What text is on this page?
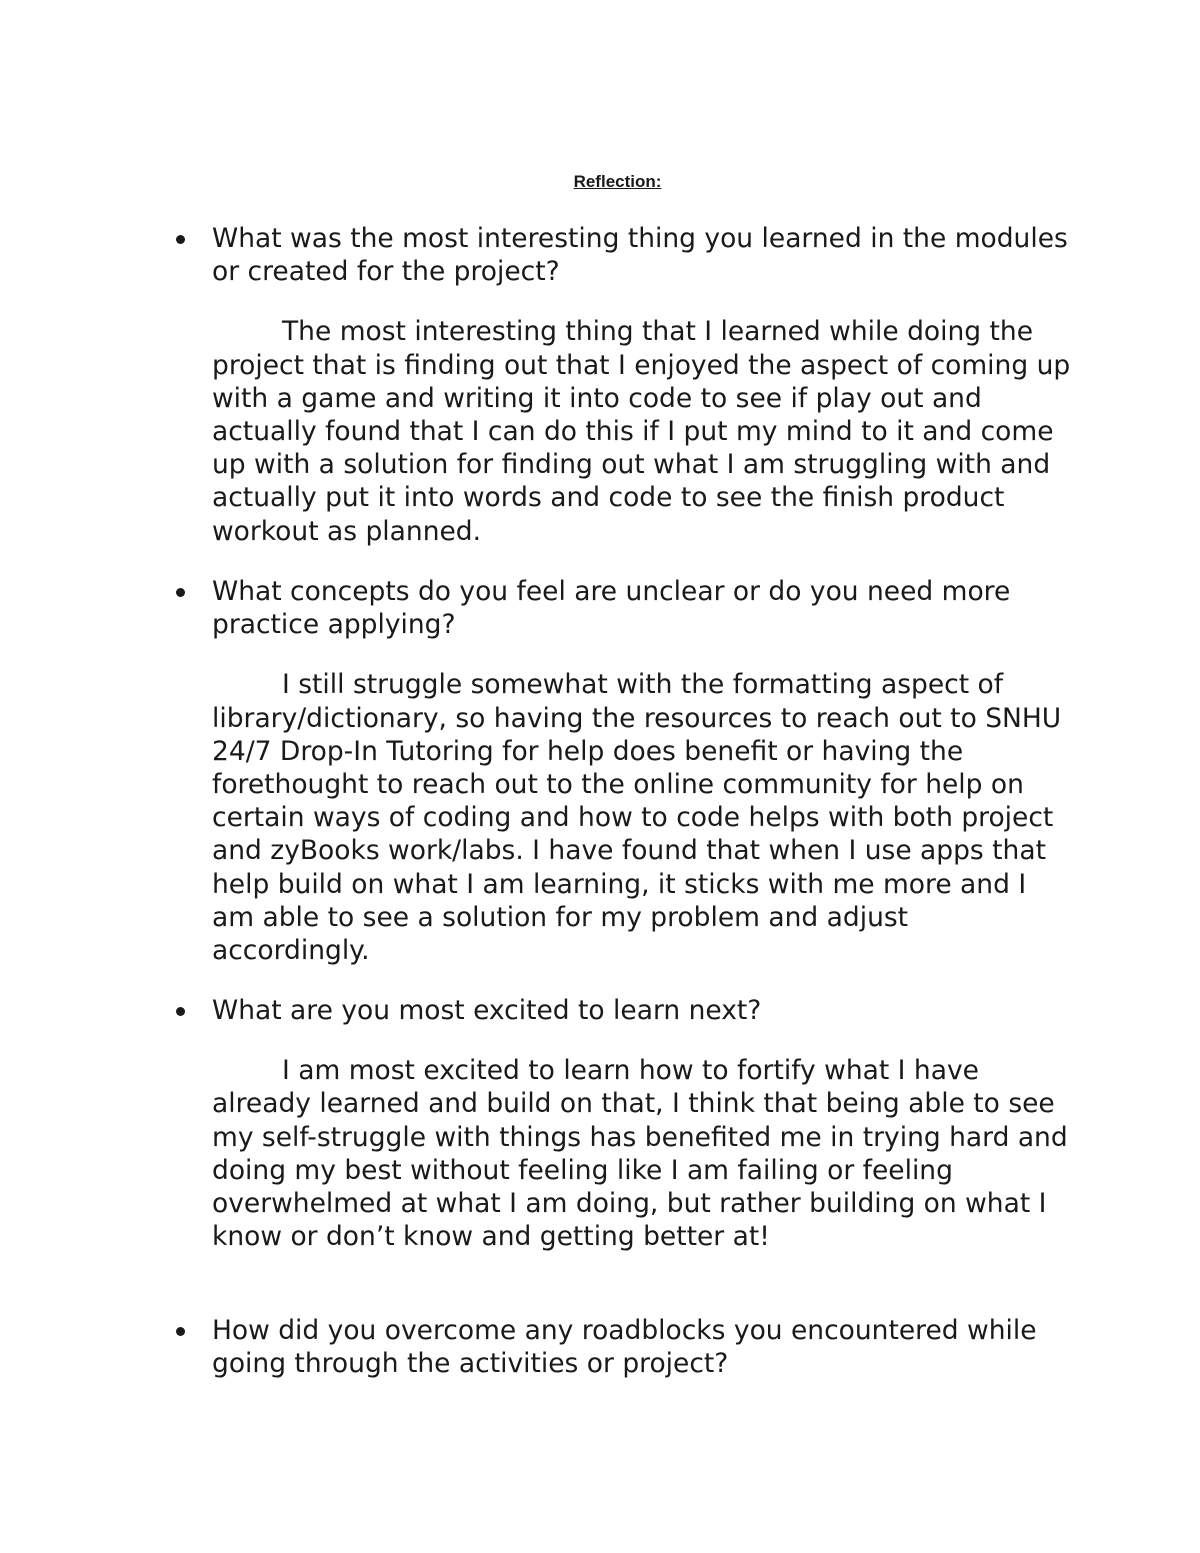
Reflection:

What was the most interesting thing you learned in the modules or created for the project?

The most interesting thing that I learned while doing the project that is finding out that I enjoyed the aspect of coming up with a game and writing it into code to see if play out and actually found that I can do this if I put my mind to it and come up with a solution for finding out what I am struggling with and actually put it into words and code to see the finish product workout as planned.

What concepts do you feel are unclear or do you need more practice applying?

I still struggle somewhat with the formatting aspect of library/dictionary, so having the resources to reach out to SNHU 24/7 Drop-In Tutoring for help does benefit or having the forethought to reach out to the online community for help on certain ways of coding and how to code helps with both project and zyBooks work/labs. I have found that when I use apps that help build on what I am learning, it sticks with me more and I am able to see a solution for my problem and adjust accordingly.

What are you most excited to learn next?

I am most excited to learn how to fortify what I have already learned and build on that, I think that being able to see my self-struggle with things has benefited me in trying hard and doing my best without feeling like I am failing or feeling overwhelmed at what I am doing, but rather building on what I know or don’t know and getting better at!

How did you overcome any roadblocks you encountered while going through the activities or project?
